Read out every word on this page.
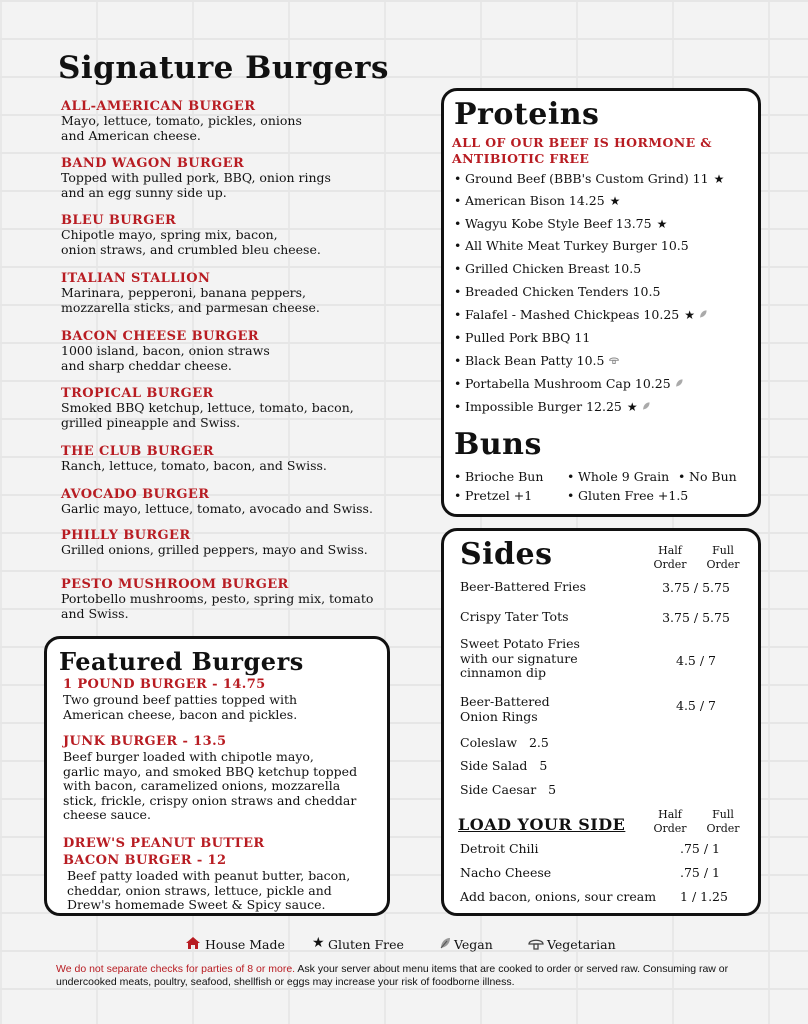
Signature Burgers
ALL-AMERICAN BURGER
Mayo, lettuce, tomato, pickles, onions
and American cheese.
BAND WAGON BURGER
Topped with pulled pork, BBQ, onion rings
and an egg sunny side up.
BLEU BURGER
Chipotle mayo, spring mix, bacon,
onion straws, and crumbled bleu cheese.
ITALIAN STALLION
Marinara, pepperoni, banana peppers,
mozzarella sticks, and parmesan cheese.
BACON CHEESE BURGER
1000 island, bacon, onion straws
and sharp cheddar cheese.
TROPICAL BURGER
Smoked BBQ ketchup, lettuce, tomato, bacon,
grilled pineapple and Swiss.
THE CLUB BURGER
Ranch, lettuce, tomato, bacon, and Swiss.
AVOCADO BURGER
Garlic mayo, lettuce, tomato, avocado and Swiss.
PHILLY BURGER
Grilled onions, grilled peppers, mayo and Swiss.
PESTO MUSHROOM BURGER
Portobello mushrooms, pesto, spring mix, tomato
and Swiss.
Featured Burgers
1 POUND BURGER - 14.75
Two ground beef patties topped with
American cheese, bacon and pickles.
JUNK BURGER - 13.5
Beef burger loaded with chipotle mayo,
garlic mayo, and smoked BBQ ketchup topped
with bacon, caramelized onions, mozzarella
stick, frickle, crispy onion straws and cheddar
cheese sauce.
DREW'S PEANUT BUTTER
BACON BURGER - 12
Beef patty loaded with peanut butter, bacon,
cheddar, onion straws, lettuce, pickle and
Drew's homemade Sweet & Spicy sauce.
Proteins
ALL OF OUR BEEF IS HORMONE &
ANTIBIOTIC FREE
• Ground Beef (BBB's Custom Grind) 11 ★
• American Bison 14.25 ★
• Wagyu Kobe Style Beef 13.75 ★
• All White Meat Turkey Burger 10.5
• Grilled Chicken Breast 10.5
• Breaded Chicken Tenders 10.5
• Falafel - Mashed Chickpeas 10.25 ★
• Pulled Pork BBQ 11
• Black Bean Patty 10.5
• Portabella Mushroom Cap 10.25
• Impossible Burger 12.25 ★
Buns
• Brioche Bun • Whole 9 Grain • No Bun
• Pretzel +1	• Gluten Free +1.5
Sides	Half
Order
Full
Order
Beer-Battered Fries	3.75 / 5.75
Crispy Tater Tots	3.75 / 5.75
Sweet Potato Fries
with our signature
cinnamon dip
4.5 / 7
Beer-Battered
Onion Rings
4.5 / 7
Coleslaw   2.5
Side Salad   5
Side Caesar   5
LOAD YOUR SIDE
Half
Order
Full
Order
Detroit Chili	.75 / 1
Nacho Cheese	.75 / 1
Add bacon, onions, sour cream	1 / 1.25
House Made ★ Gluten Free	Vegan	Vegetarian
We do not separate checks for parties of 8 or more. Ask your server about menu items that are cooked to order or served raw. Consuming raw or undercooked meats, poultry, seafood, shellfish or eggs may increase your risk of foodborne illness.
